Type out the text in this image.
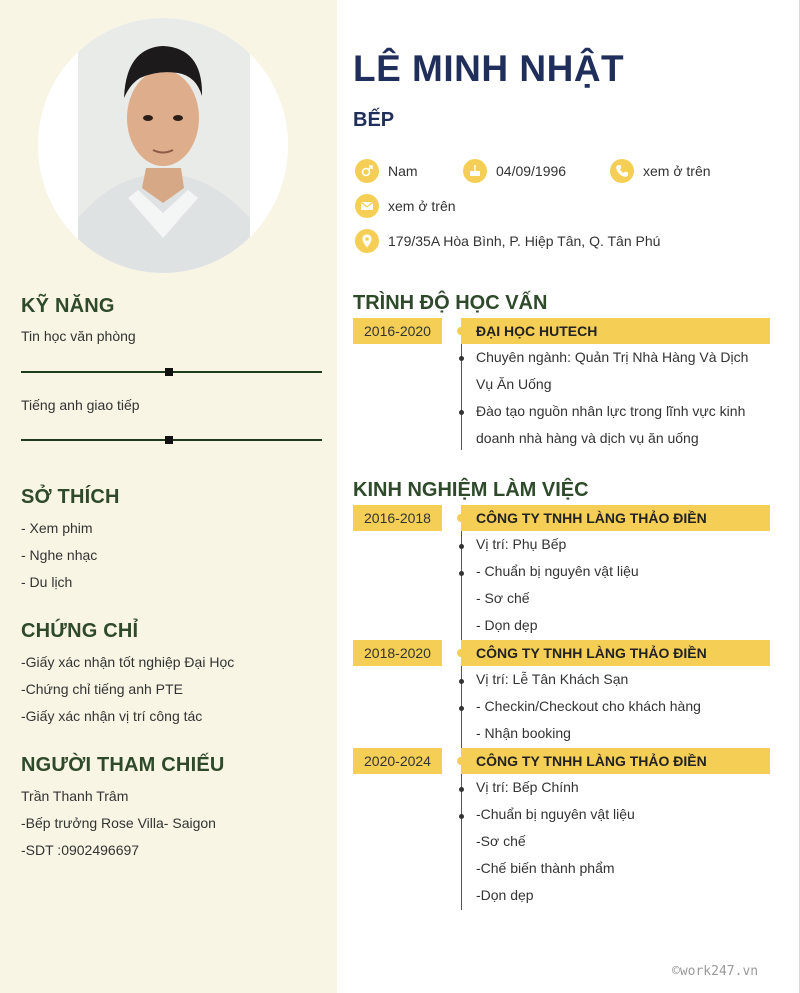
KỸ NĂNG
Tin học văn phòng
Tiếng anh giao tiếp
SỞ THÍCH
- Xem phim
- Nghe nhạc
- Du lịch
CHỨNG CHỈ
-Giấy xác nhận tốt nghiệp Đại Học
-Chứng chỉ tiếng anh PTE
-Giấy xác nhận vị trí công tác
NGƯỜI THAM CHIẾU
Trần Thanh Trâm
-Bếp trưởng Rose Villa- Saigon
-SDT :0902496697
LÊ MINH NHẬT
BẾP
Nam	04/09/1996	xem ở trên
xem ở trên
179/35A Hòa Bình, P. Hiệp Tân, Q. Tân Phú
TRÌNH ĐỘ HỌC VẤN
2016-2020	ĐẠI HỌC HUTECH
Chuyên ngành: Quản Trị Nhà Hàng Và Dịch
Vụ Ăn Uống
Đào tạo nguồn nhân lực trong lĩnh vực kinh
doanh nhà hàng và dịch vụ ăn uống
KINH NGHIỆM LÀM VIỆC
2016-2018	CÔNG TY TNHH LÀNG THẢO ĐIỀN
Vị trí: Phụ Bếp
- Chuẩn bị nguyên vật liệu
- Sơ chế
- Dọn dẹp
2018-2020	CÔNG TY TNHH LÀNG THẢO ĐIỀN
Vị trí: Lễ Tân Khách Sạn
- Checkin/Checkout cho khách hàng
- Nhận booking
2020-2024	CÔNG TY TNHH LÀNG THẢO ĐIỀN
Vị trí: Bếp Chính
-Chuẩn bị nguyên vật liệu
-Sơ chế
-Chế biến thành phẩm
-Dọn dẹp
©work247.vn
